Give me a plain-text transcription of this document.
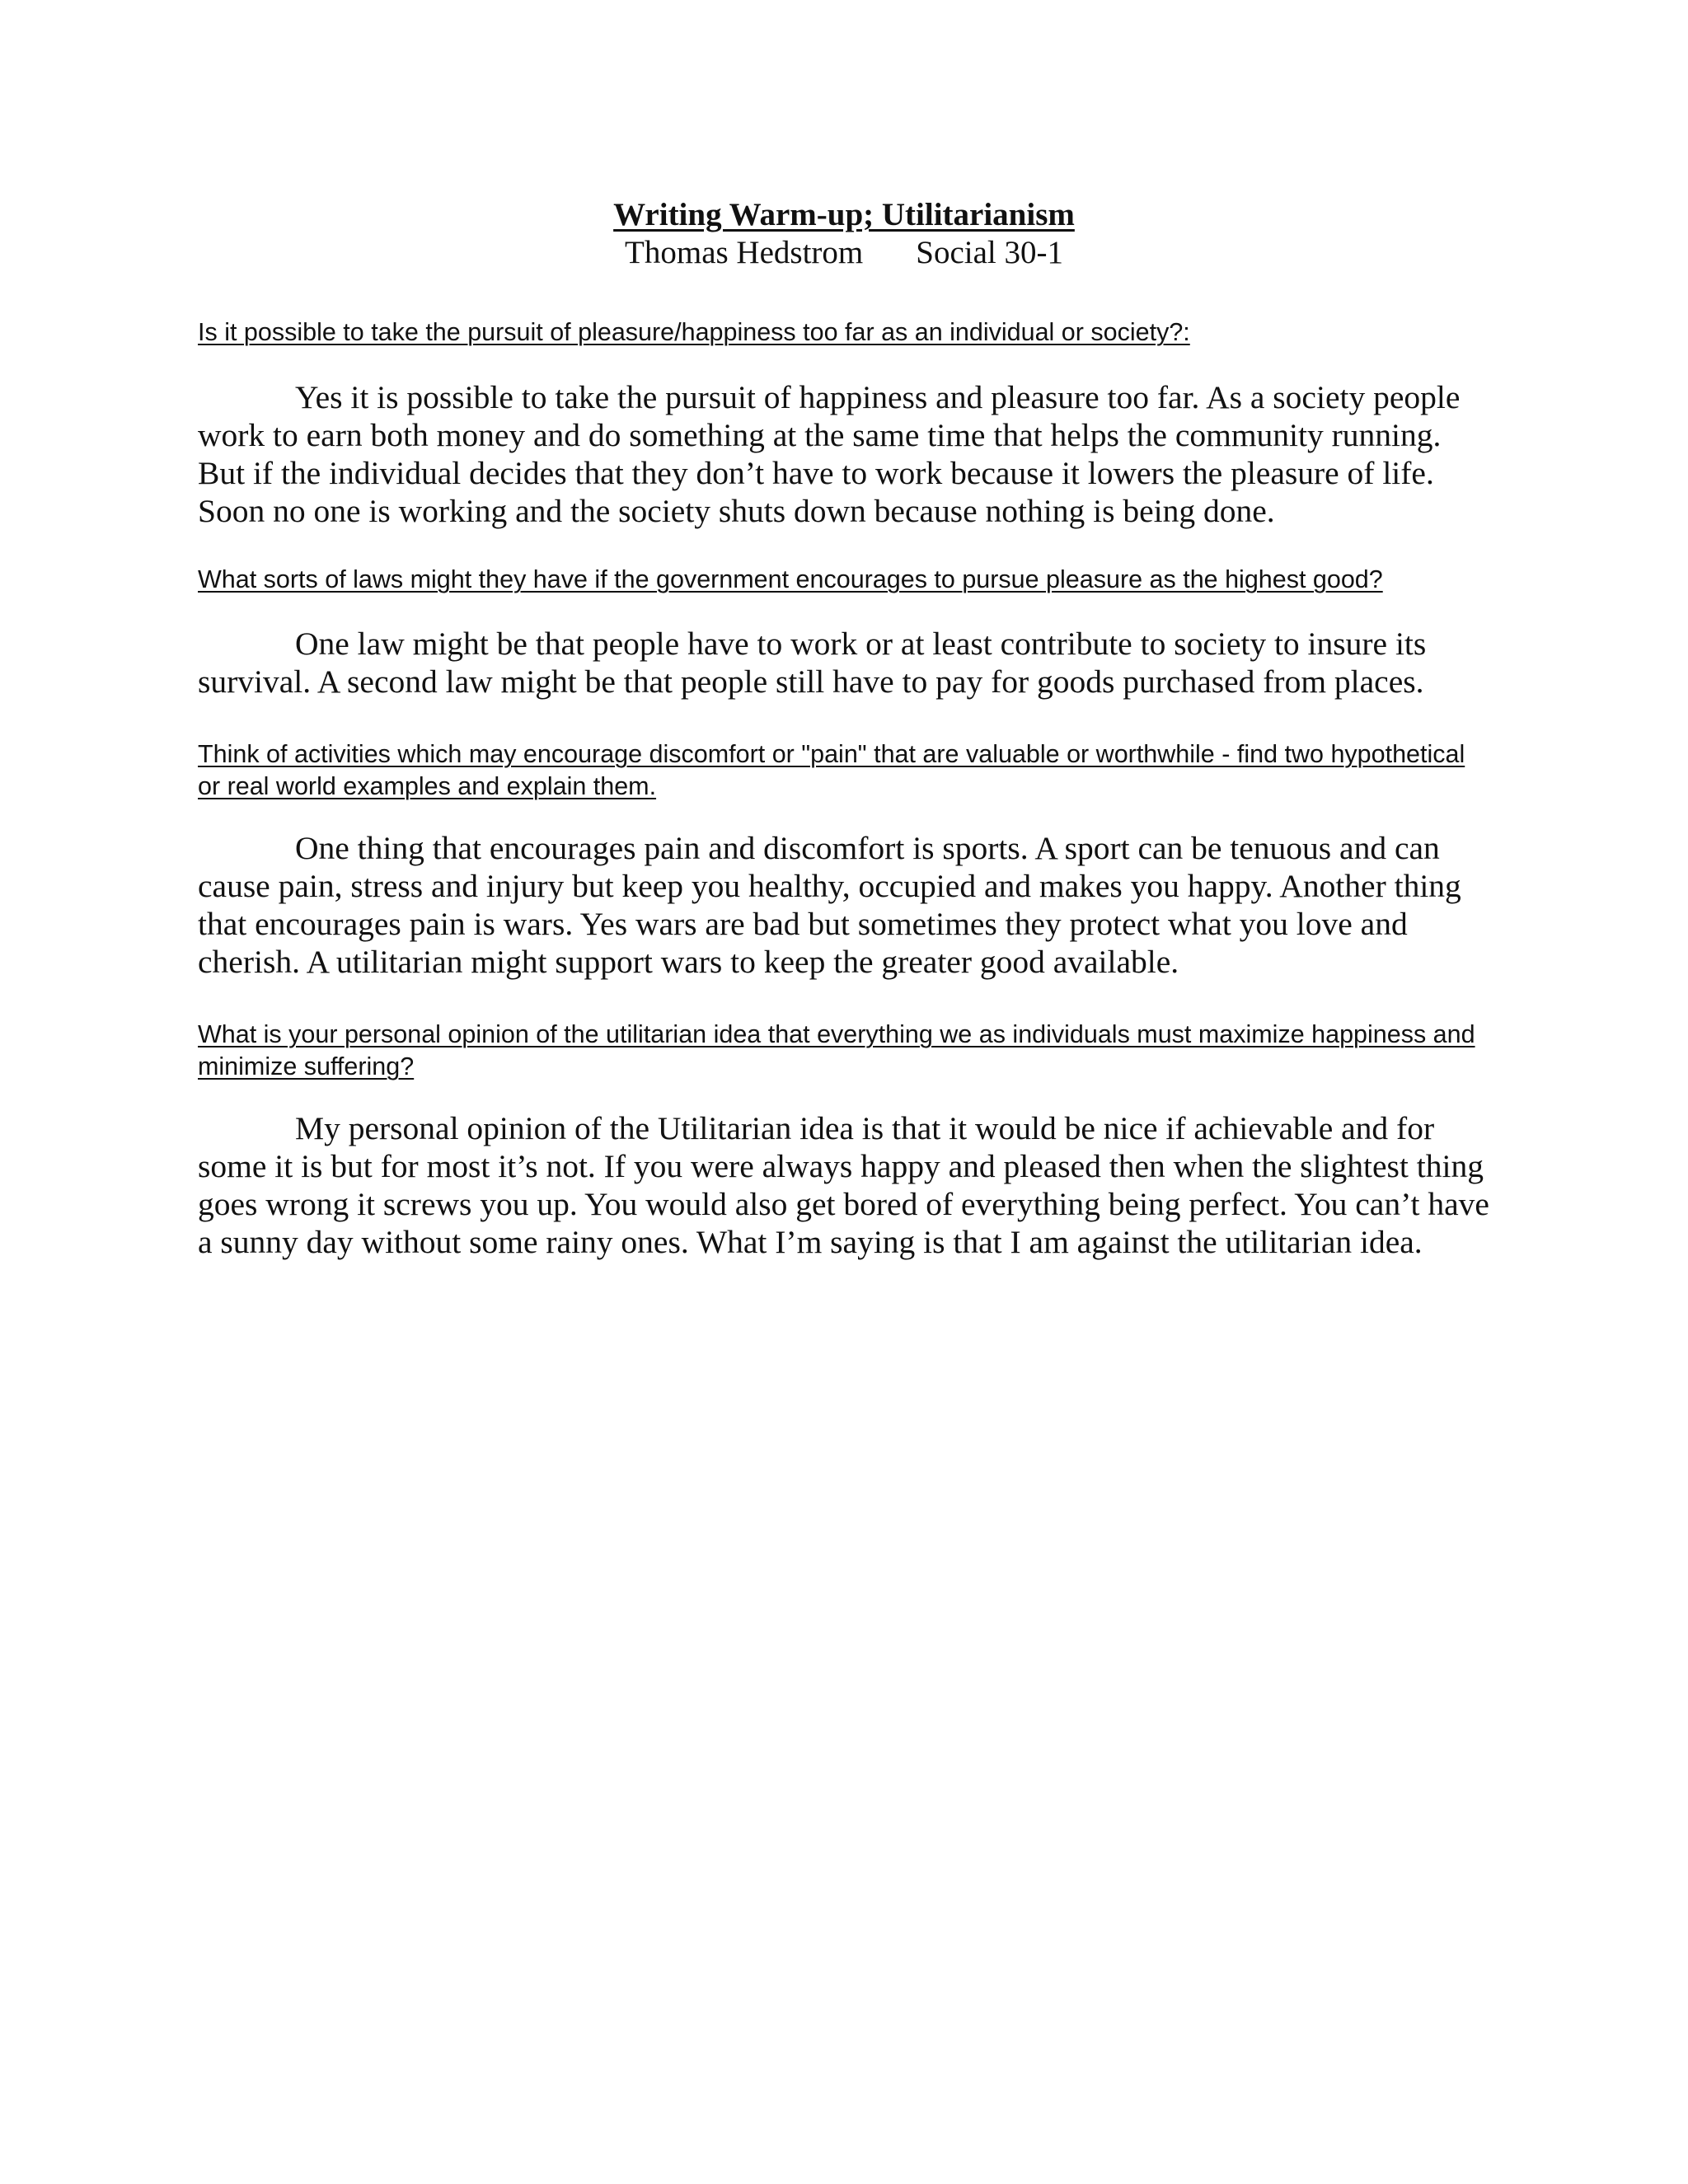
Writing Warm-up; Utilitarianism

Thomas Hedstrom Social 30-1

Is it possible to take the pursuit of pleasure/happiness too far as an individual or society?:

Yes it is possible to take the pursuit of happiness and pleasure too far. As a society people work to earn both money and do something at the same time that helps the community running. But if the individual decides that they don’t have to work because it lowers the pleasure of life. Soon no one is working and the society shuts down because nothing is being done.

What sorts of laws might they have if the government encourages to pursue pleasure as the highest good?

One law might be that people have to work or at least contribute to society to insure its survival. A second law might be that people still have to pay for goods purchased from places.

Think of activities which may encourage discomfort or "pain" that are valuable or worthwhile - find two hypothetical or real world examples and explain them.

One thing that encourages pain and discomfort is sports. A sport can be tenuous and can cause pain, stress and injury but keep you healthy, occupied and makes you happy. Another thing that encourages pain is wars. Yes wars are bad but sometimes they protect what you love and cherish. A utilitarian might support wars to keep the greater good available.

What is your personal opinion of the utilitarian idea that everything we as individuals must maximize happiness and minimize suffering?

My personal opinion of the Utilitarian idea is that it would be nice if achievable and for some it is but for most it’s not. If you were always happy and pleased then when the slightest thing goes wrong it screws you up. You would also get bored of everything being perfect. You can’t have a sunny day without some rainy ones. What I’m saying is that I am against the utilitarian idea.
